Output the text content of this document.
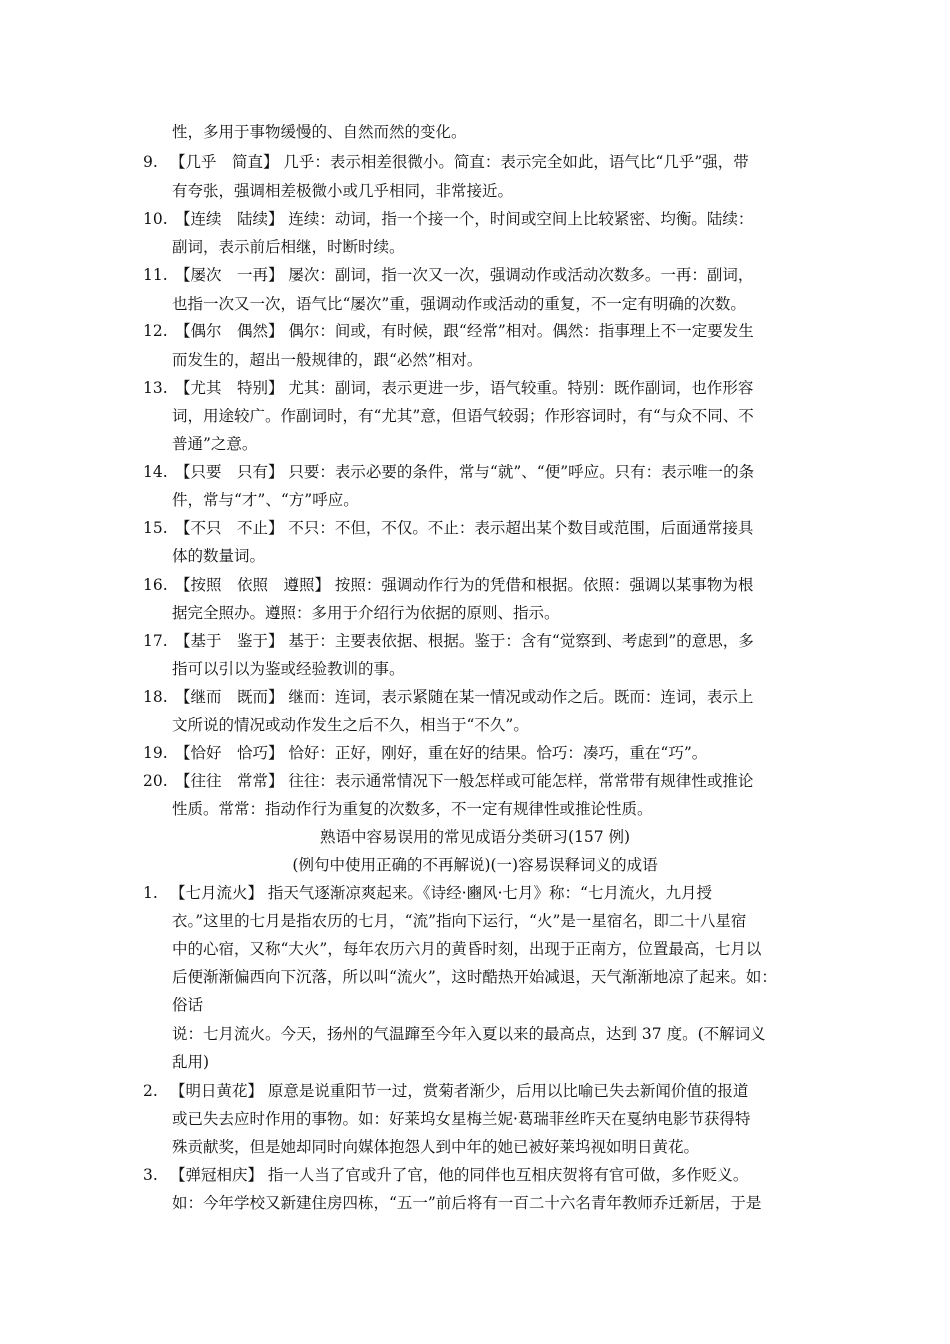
性，多用于事物缓慢的、自然而然的变化。
9. 【几乎　简直】 几乎：表示相差很微小。简直：表示完全如此，语气比“几乎”强，带
有夸张，强调相差极微小或几乎相同，非常接近。
10. 【连续　陆续】 连续：动词，指一个接一个，时间或空间上比较紧密、均衡。陆续：
副词，表示前后相继，时断时续。
11. 【屡次　一再】 屡次：副词，指一次又一次，强调动作或活动次数多。一再：副词，
也指一次又一次，语气比“屡次”重，强调动作或活动的重复，不一定有明确的次数。
12. 【偶尔　偶然】 偶尔：间或，有时候，跟“经常”相对。偶然：指事理上不一定要发生
而发生的，超出一般规律的，跟“必然”相对。
13. 【尤其　特别】 尤其：副词，表示更进一步，语气较重。特别：既作副词，也作形容
词，用途较广。作副词时，有“尤其”意，但语气较弱；作形容词时，有“与众不同、不
普通”之意。
14. 【只要　只有】 只要：表示必要的条件，常与“就”、“便”呼应。只有：表示唯一的条
件，常与“才”、“方”呼应。
15. 【不只　不止】 不只：不但，不仅。不止：表示超出某个数目或范围，后面通常接具
体的数量词。
16. 【按照　依照　遵照】 按照：强调动作行为的凭借和根据。依照：强调以某事物为根
据完全照办。遵照：多用于介绍行为依据的原则、指示。
17. 【基于　鉴于】 基于：主要表依据、根据。鉴于：含有“觉察到、考虑到”的意思，多
指可以引以为鉴或经验教训的事。
18. 【继而　既而】 继而：连词，表示紧随在某一情况或动作之后。既而：连词，表示上
文所说的情况或动作发生之后不久，相当于“不久”。
19. 【恰好　恰巧】 恰好：正好，刚好，重在好的结果。恰巧：凑巧，重在“巧”。
20. 【往往　常常】 往往：表示通常情况下一般怎样或可能怎样，常常带有规律性或推论
性质。常常：指动作行为重复的次数多，不一定有规律性或推论性质。
熟语中容易误用的常见成语分类研习(157 例)
(例句中使用正确的不再解说)(一)容易误释词义的成语
1. 【七月流火】 指天气逐渐凉爽起来。《诗经·豳风·七月》称：“七月流火，九月授
衣。”这里的七月是指农历的七月，“流”指向下运行，“火”是一星宿名，即二十八星宿
中的心宿，又称“大火”，每年农历六月的黄昏时刻，出现于正南方，位置最高，七月以
后便渐渐偏西向下沉落，所以叫“流火”，这时酷热开始减退，天气渐渐地凉了起来。如：
俗话
说：七月流火。今天，扬州的气温蹿至今年入夏以来的最高点，达到 37 度。(不解词义
乱用)
2. 【明日黄花】 原意是说重阳节一过，赏菊者渐少，后用以比喻已失去新闻价值的报道
或已失去应时作用的事物。如：好莱坞女星梅兰妮·葛瑞菲丝昨天在戛纳电影节获得特
殊贡献奖，但是她却同时向媒体抱怨人到中年的她已被好莱坞视如明日黄花。
3. 【弹冠相庆】 指一人当了官或升了官，他的同伴也互相庆贺将有官可做，多作贬义。
如：今年学校又新建住房四栋，“五一”前后将有一百二十六名青年教师乔迁新居，于是
